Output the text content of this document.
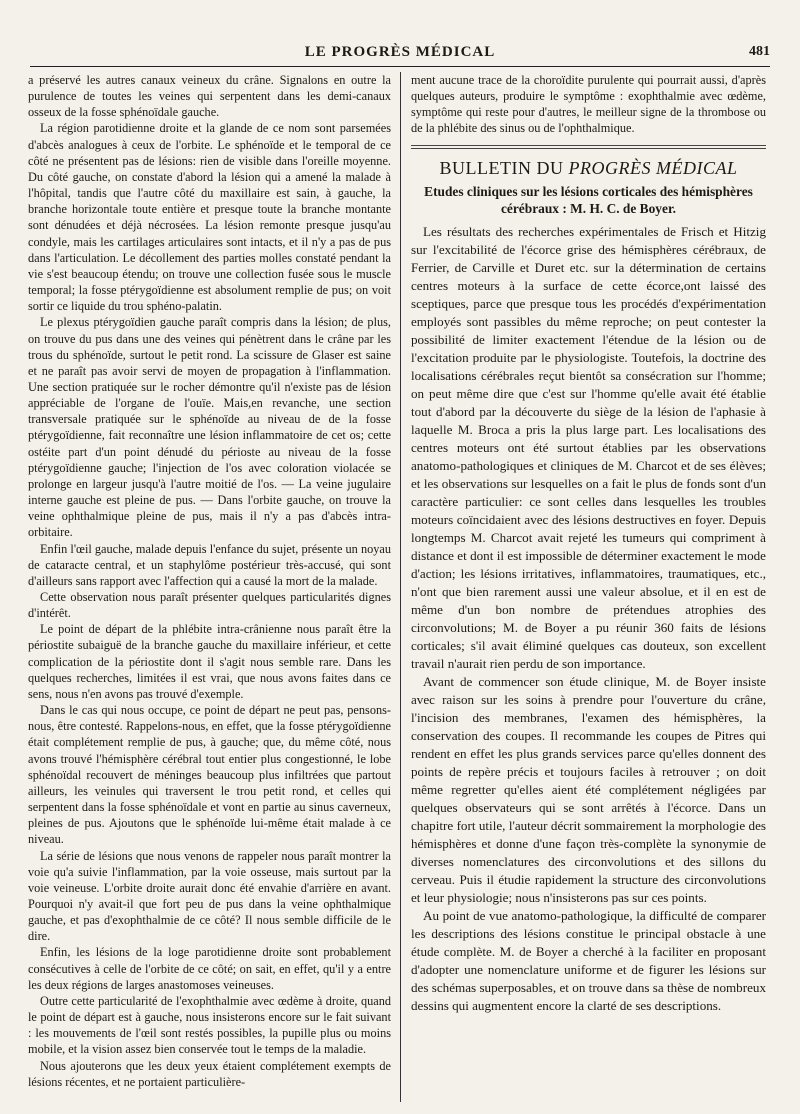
LE PROGRÈS MÉDICAL	481

a préservé les autres canaux veineux du crâne. Signalons en outre la purulence de toutes les veines qui serpentent dans les demi-canaux osseux de la fosse sphénoïdale gauche.

La région parotidienne droite et la glande de ce nom sont parsemées d'abcès analogues à ceux de l'orbite. Le sphénoïde et le temporal de ce côté ne présentent pas de lésions: rien de visible dans l'oreille moyenne. Du côté gauche, on constate d'abord la lésion qui a amené la malade à l'hôpital, tandis que l'autre côté du maxillaire est sain, à gauche, la branche horizontale toute entière et presque toute la branche montante sont dénudées et déjà nécrosées. La lésion remonte presque jusqu'au condyle, mais les cartilages articulaires sont intacts, et il n'y a pas de pus dans l'articulation. Le décollement des parties molles constaté pendant la vie s'est beaucoup étendu; on trouve une collection fusée sous le muscle temporal; la fosse ptérygoïdienne est absolument remplie de pus; on voit sortir ce liquide du trou sphéno-palatin.

Le plexus ptérygoïdien gauche paraît compris dans la lésion; de plus, on trouve du pus dans une des veines qui pénètrent dans le crâne par les trous du sphénoïde, surtout le petit rond. La scissure de Glaser est saine et ne paraît pas avoir servi de moyen de propagation à l'inflammation. Une section pratiquée sur le rocher démontre qu'il n'existe pas de lésion appréciable de l'organe de l'ouïe. Mais,en revanche, une section transversale pratiquée sur le sphénoïde au niveau de de la fosse ptérygoïdienne, fait reconnaître une lésion inflammatoire de cet os; cette ostéite part d'un point dénudé du périoste au niveau de la fosse ptérygoïdienne gauche; l'injection de l'os avec coloration violacée se prolonge en largeur jusqu'à l'autre moitié de l'os. — La veine jugulaire interne gauche est pleine de pus. — Dans l'orbite gauche, on trouve la veine ophthalmique pleine de pus, mais il n'y a pas d'abcès intra-orbitaire.

Enfin l'œil gauche, malade depuis l'enfance du sujet, présente un noyau de cataracte central, et un staphylôme postérieur très-accusé, qui sont d'ailleurs sans rapport avec l'affection qui a causé la mort de la malade.

Cette observation nous paraît présenter quelques particularités dignes d'intérêt.

Le point de départ de la phlébite intra-crânienne nous paraît être la périostite subaiguë de la branche gauche du maxillaire inférieur, et cette complication de la périostite dont il s'agit nous semble rare. Dans les quelques recherches, limitées il est vrai, que nous avons faites dans ce sens, nous n'en avons pas trouvé d'exemple.

Dans le cas qui nous occupe, ce point de départ ne peut pas, pensons-nous, être contesté. Rappelons-nous, en effet, que la fosse ptérygoïdienne était complétement remplie de pus, à gauche; que, du même côté, nous avons trouvé l'hémisphère cérébral tout entier plus congestionné, le lobe sphénoïdal recouvert de méninges beaucoup plus infiltrées que partout ailleurs, les veinules qui traversent le trou petit rond, et celles qui serpentent dans la fosse sphénoïdale et vont en partie au sinus caverneux, pleines de pus. Ajoutons que le sphénoïde lui-même était malade à ce niveau.

La série de lésions que nous venons de rappeler nous paraît montrer la voie qu'a suivie l'inflammation, par la voie osseuse, mais surtout par la voie veineuse. L'orbite droite aurait donc été envahie d'arrière en avant. Pourquoi n'y avait-il que fort peu de pus dans la veine ophthalmique gauche, et pas d'exophthalmie de ce côté? Il nous semble difficile de le dire.

Enfin, les lésions de la loge parotidienne droite sont probablement consécutives à celle de l'orbite de ce côté; on sait, en effet, qu'il y a entre les deux régions de larges anastomoses veineuses.

Outre cette particularité de l'exophthalmie avec œdème à droite, quand le point de départ est à gauche, nous insisterons encore sur le fait suivant : les mouvements de l'œil sont restés possibles, la pupille plus ou moins mobile, et la vision assez bien conservée tout le temps de la maladie.

Nous ajouterons que les deux yeux étaient complétement exempts de lésions récentes, et ne portaient particulière-

ment aucune trace de la choroïdite purulente qui pourrait aussi, d'après quelques auteurs, produire le symptôme : exophthalmie avec œdème, symptôme qui reste pour d'autres, le meilleur signe de la thrombose ou de la phlébite des sinus ou de l'ophthalmique.

BULLETIN DU PROGRÈS MÉDICAL
Etudes cliniques sur les lésions corticales des hémisphères cérébraux : M. H. C. de Boyer.

Les résultats des recherches expérimentales de Frisch et Hitzig sur l'excitabilité de l'écorce grise des hémisphères cérébraux, de Ferrier, de Carville et Duret etc. sur la détermination de certains centres moteurs à la surface de cette écorce,ont laissé des sceptiques, parce que presque tous les procédés d'expérimentation employés sont passibles du même reproche; on peut contester la possibilité de limiter exactement l'étendue de la lésion ou de l'excitation produite par le physiologiste. Toutefois, la doctrine des localisations cérébrales reçut bientôt sa consécration sur l'homme; on peut même dire que c'est sur l'homme qu'elle avait été établie tout d'abord par la découverte du siège de la lésion de l'aphasie à laquelle M. Broca a pris la plus large part. Les localisations des centres moteurs ont été surtout établies par les observations anatomo-pathologiques et cliniques de M. Charcot et de ses élèves; et les observations sur lesquelles on a fait le plus de fonds sont d'un caractère particulier: ce sont celles dans lesquelles les troubles moteurs coïncidaient avec des lésions destructives en foyer. Depuis longtemps M. Charcot avait rejeté les tumeurs qui compriment à distance et dont il est impossible de déterminer exactement le mode d'action; les lésions irritatives, inflammatoires, traumatiques, etc., n'ont que bien rarement aussi une valeur absolue, et il en est de même d'un bon nombre de prétendues atrophies des circonvolutions; M. de Boyer a pu réunir 360 faits de lésions corticales; s'il avait éliminé quelques cas douteux, son excellent travail n'aurait rien perdu de son importance.

Avant de commencer son étude clinique, M. de Boyer insiste avec raison sur les soins à prendre pour l'ouverture du crâne, l'incision des membranes, l'examen des hémisphères, la conservation des coupes. Il recommande les coupes de Pitres qui rendent en effet les plus grands services parce qu'elles donnent des points de repère précis et toujours faciles à retrouver ; on doit même regretter qu'elles aient été complétement négligées par quelques observateurs qui se sont arrêtés à l'écorce. Dans un chapitre fort utile, l'auteur décrit sommairement la morphologie des hémisphères et donne d'une façon très-complète la synonymie de diverses nomenclatures des circonvolutions et des sillons du cerveau. Puis il étudie rapidement la structure des circonvolutions et leur physiologie; nous n'insisterons pas sur ces points.

Au point de vue anatomo-pathologique, la difficulté de comparer les descriptions des lésions constitue le principal obstacle à une étude complète. M. de Boyer a cherché à la faciliter en proposant d'adopter une nomenclature uniforme et de figurer les lésions sur des schémas superposables, et on trouve dans sa thèse de nombreux dessins qui augmentent encore la clarté de ses descriptions.
